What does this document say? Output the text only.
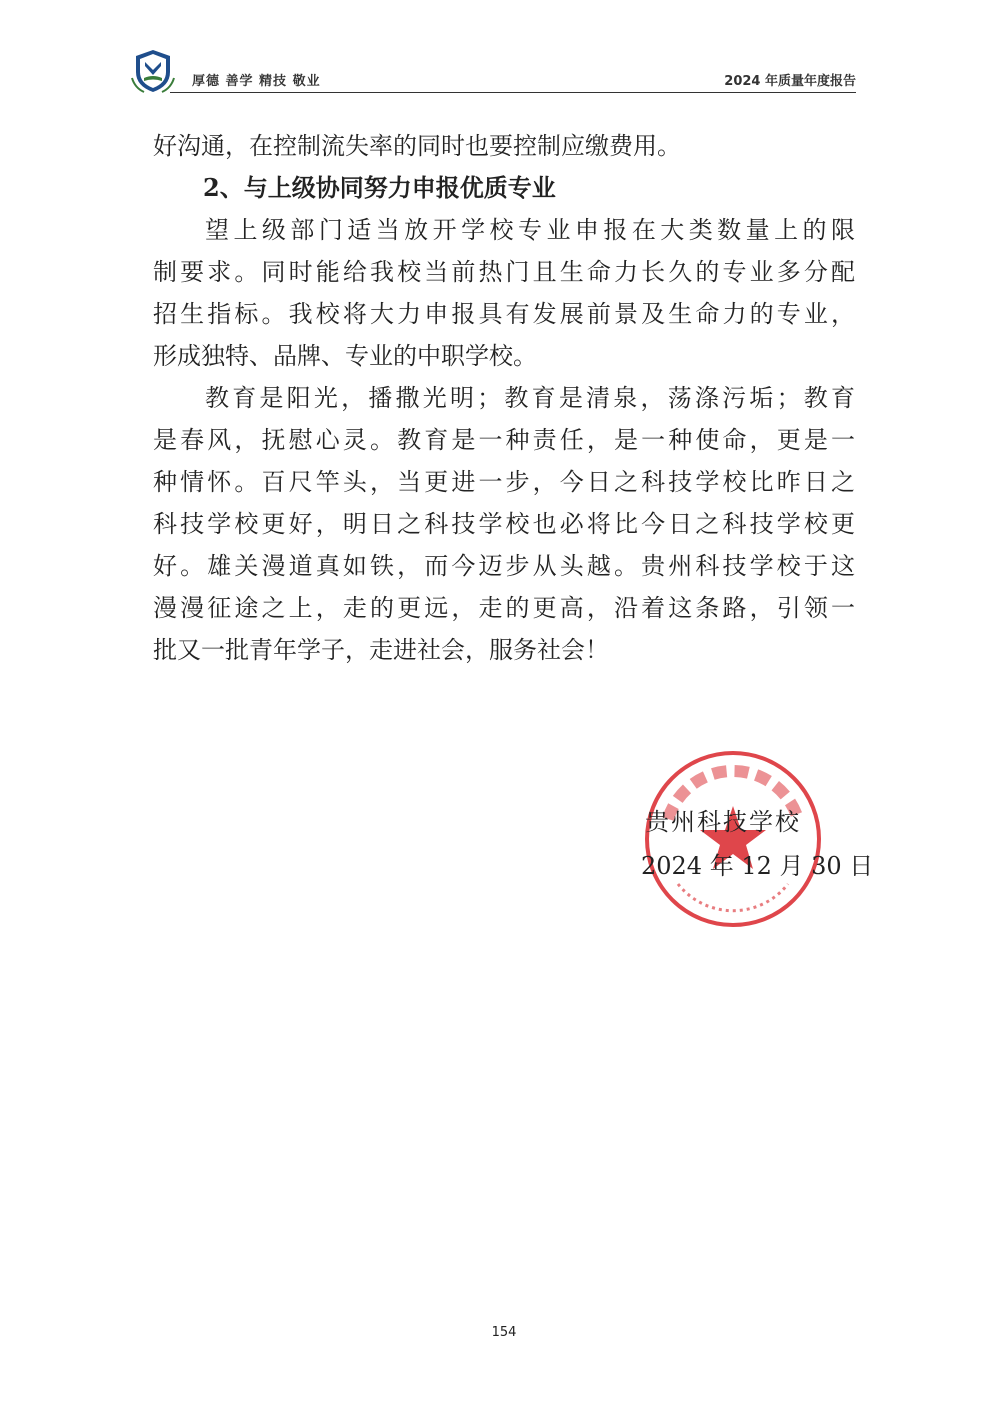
厚德 善学 精技 敬业	2024 年质量年度报告
好沟通，在控制流失率的同时也要控制应缴费用。
2、与上级协同努力申报优质专业
望上级部门适当放开学校专业申报在大类数量上的限
制要求。同时能给我校当前热门且生命力长久的专业多分配
招生指标。我校将大力申报具有发展前景及生命力的专业，
形成独特、品牌、专业的中职学校。
教育是阳光，播撒光明；教育是清泉，荡涤污垢；教育
是春风，抚慰心灵。教育是一种责任，是一种使命，更是一
种情怀。百尺竿头，当更进一步，今日之科技学校比昨日之
科技学校更好，明日之科技学校也必将比今日之科技学校更
好。雄关漫道真如铁，而今迈步从头越。贵州科技学校于这
漫漫征途之上，走的更远，走的更高，沿着这条路，引领一
批又一批青年学子，走进社会，服务社会！
贵州科技学校
2024 年 12 月 30 日
154
